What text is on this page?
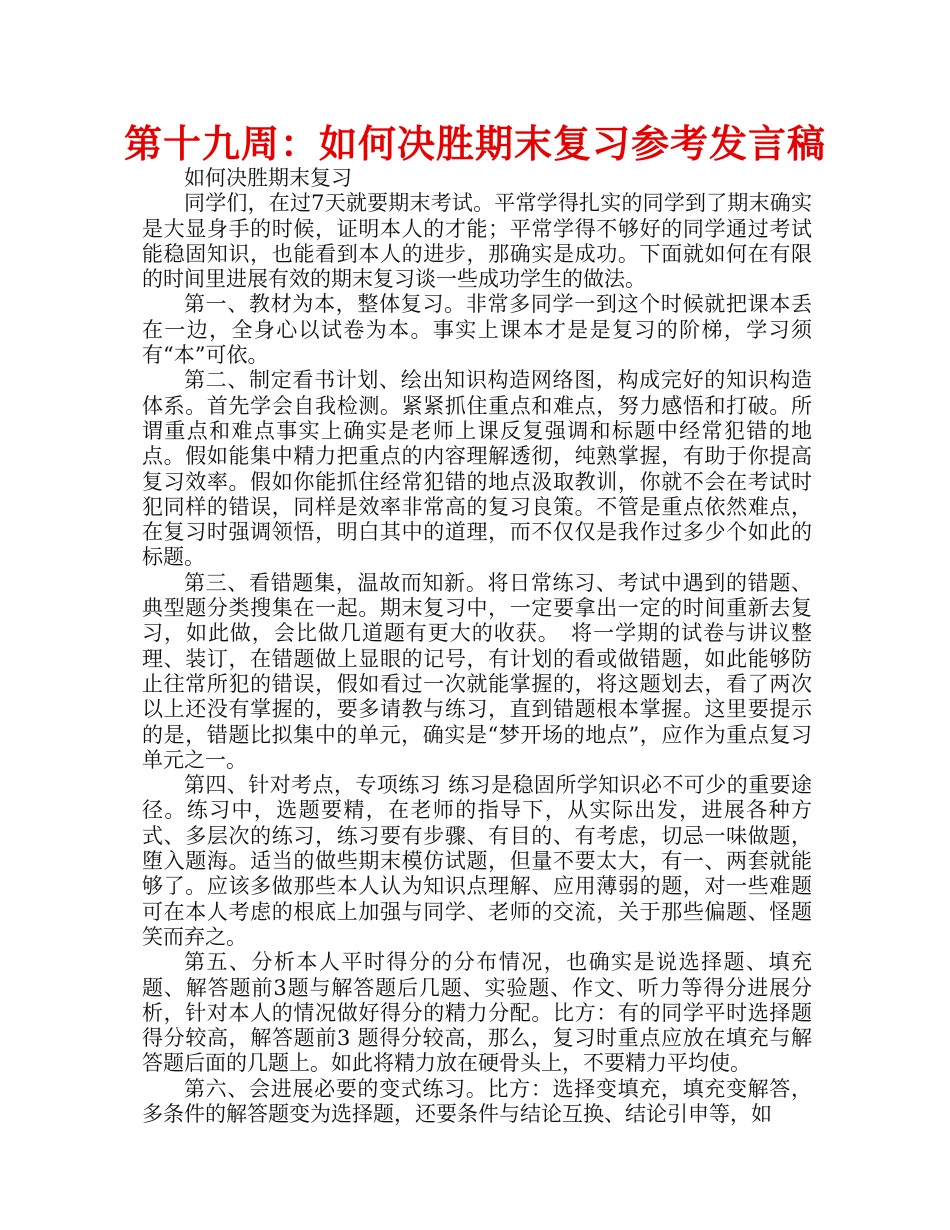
第十九周：如何决胜期末复习参考发言稿

如何决胜期末复习

同学们，在过7天就要期末考试。平常学得扎实的同学到了期末确实是大显身手的时候，证明本人的才能；平常学得不够好的同学通过考试能稳固知识，也能看到本人的进步，那确实是成功。下面就如何在有限的时间里进展有效的期末复习谈一些成功学生的做法。

第一、教材为本，整体复习。非常多同学一到这个时候就把课本丢在一边，全身心以试卷为本。事实上课本才是是复习的阶梯，学习须有“本”可依。

第二、制定看书计划、绘出知识构造网络图，构成完好的知识构造体系。首先学会自我检测。紧紧抓住重点和难点，努力感悟和打破。所谓重点和难点事实上确实是老师上课反复强调和标题中经常犯错的地点。假如能集中精力把重点的内容理解透彻，纯熟掌握，有助于你提高复习效率。假如你能抓住经常犯错的地点汲取教训，你就不会在考试时犯同样的错误，同样是效率非常高的复习良策。不管是重点依然难点，在复习时强调领悟，明白其中的道理，而不仅仅是我作过多少个如此的标题。

第三、看错题集，温故而知新。将日常练习、考试中遇到的错题、典型题分类搜集在一起。期末复习中，一定要拿出一定的时间重新去复习，如此做，会比做几道题有更大的收获。　将一学期的试卷与讲议整理、装订，在错题做上显眼的记号，有计划的看或做错题，如此能够防止往常所犯的错误，假如看过一次就能掌握的，将这题划去，看了两次以上还没有掌握的，要多请教与练习，直到错题根本掌握。这里要提示的是，错题比拟集中的单元，确实是“梦开场的地点”，应作为重点复习单元之一。

第四、针对考点，专项练习 练习是稳固所学知识必不可少的重要途径。练习中，选题要精，在老师的指导下，从实际出发，进展各种方式、多层次的练习，练习要有步骤、有目的、有考虑，切忌一味做题，堕入题海。适当的做些期末模仿试题，但量不要太大，有一、两套就能够了。应该多做那些本人认为知识点理解、应用薄弱的题，对一些难题可在本人考虑的根底上加强与同学、老师的交流，关于那些偏题、怪题笑而弃之。

第五、分析本人平时得分的分布情况，也确实是说选择题、填充题、解答题前3题与解答题后几题、实验题、作文、听力等得分进展分析，针对本人的情况做好得分的精力分配。比方：有的同学平时选择题得分较高，解答题前3 题得分较高，那么，复习时重点应放在填充与解答题后面的几题上。如此将精力放在硬骨头上，不要精力平均使。

第六、会进展必要的变式练习。比方：选择变填充，填充变解答，多条件的解答题变为选择题，还要条件与结论互换、结论引申等，如
